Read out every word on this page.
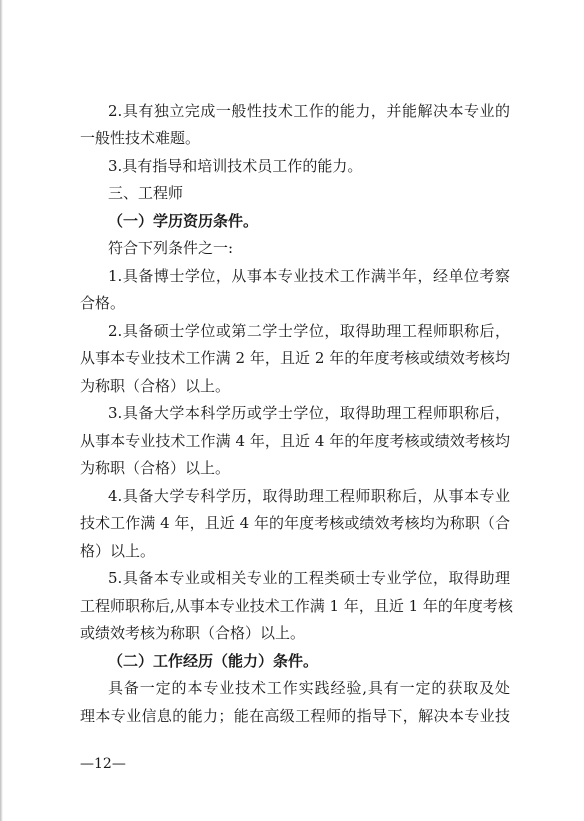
2.具有独立完成一般性技术工作的能力，并能解决本专业的
一般性技术难题。
3.具有指导和培训技术员工作的能力。
三、工程师
（一）学历资历条件。
符合下列条件之一:
1.具备博士学位，从事本专业技术工作满半年，经单位考察
合格。
2.具备硕士学位或第二学士学位，取得助理工程师职称后，
从事本专业技术工作满 2 年，且近 2 年的年度考核或绩效考核均
为称职（合格）以上。
3.具备大学本科学历或学士学位，取得助理工程师职称后，
从事本专业技术工作满 4 年，且近 4 年的年度考核或绩效考核均
为称职（合格）以上。
4.具备大学专科学历，取得助理工程师职称后，从事本专业
技术工作满 4 年，且近 4 年的年度考核或绩效考核均为称职（合
格）以上。
5.具备本专业或相关专业的工程类硕士专业学位，取得助理
工程师职称后,从事本专业技术工作满 1 年，且近 1 年的年度考核
或绩效考核为称职（合格）以上。
（二）工作经历（能力）条件。
具备一定的本专业技术工作实践经验,具有一定的获取及处
理本专业信息的能力；能在高级工程师的指导下，解决本专业技
—12—
